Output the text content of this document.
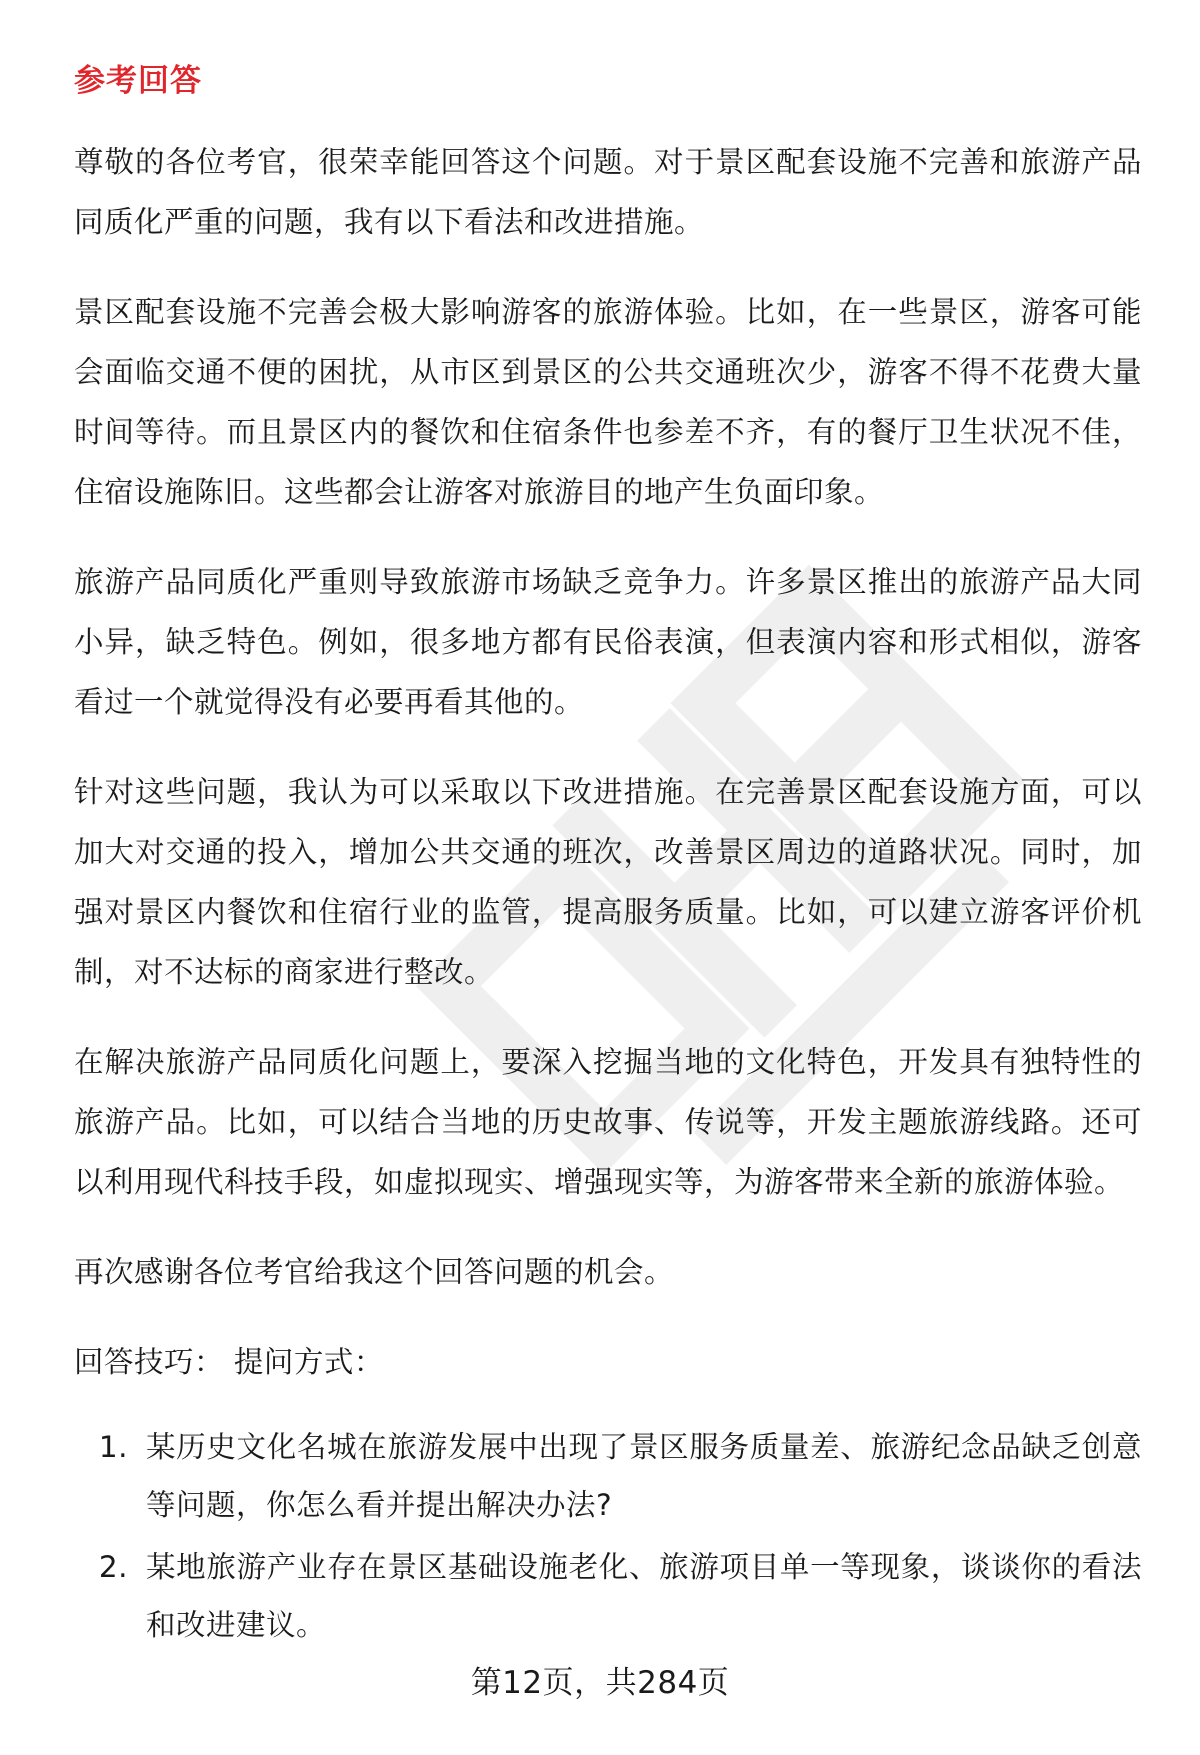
参考回答

尊敬的各位考官，很荣幸能回答这个问题。对于景区配套设施不完善和旅游产品同质化严重的问题，我有以下看法和改进措施。

景区配套设施不完善会极大影响游客的旅游体验。比如，在一些景区，游客可能会面临交通不便的困扰，从市区到景区的公共交通班次少，游客不得不花费大量时间等待。而且景区内的餐饮和住宿条件也参差不齐，有的餐厅卫生状况不佳，住宿设施陈旧。这些都会让游客对旅游目的地产生负面印象。

旅游产品同质化严重则导致旅游市场缺乏竞争力。许多景区推出的旅游产品大同小异，缺乏特色。例如，很多地方都有民俗表演，但表演内容和形式相似，游客看过一个就觉得没有必要再看其他的。

针对这些问题，我认为可以采取以下改进措施。在完善景区配套设施方面，可以加大对交通的投入，增加公共交通的班次，改善景区周边的道路状况。同时，加强对景区内餐饮和住宿行业的监管，提高服务质量。比如，可以建立游客评价机制，对不达标的商家进行整改。

在解决旅游产品同质化问题上，要深入挖掘当地的文化特色，开发具有独特性的旅游产品。比如，可以结合当地的历史故事、传说等，开发主题旅游线路。还可以利用现代科技手段，如虚拟现实、增强现实等，为游客带来全新的旅游体验。

再次感谢各位考官给我这个回答问题的机会。

回答技巧： 提问方式：
1. 某历史文化名城在旅游发展中出现了景区服务质量差、旅游纪念品缺乏创意等问题，你怎么看并提出解决办法?
2. 某地旅游产业存在景区基础设施老化、旅游项目单一等现象，谈谈你的看法和改进建议。
第12页，共284页
